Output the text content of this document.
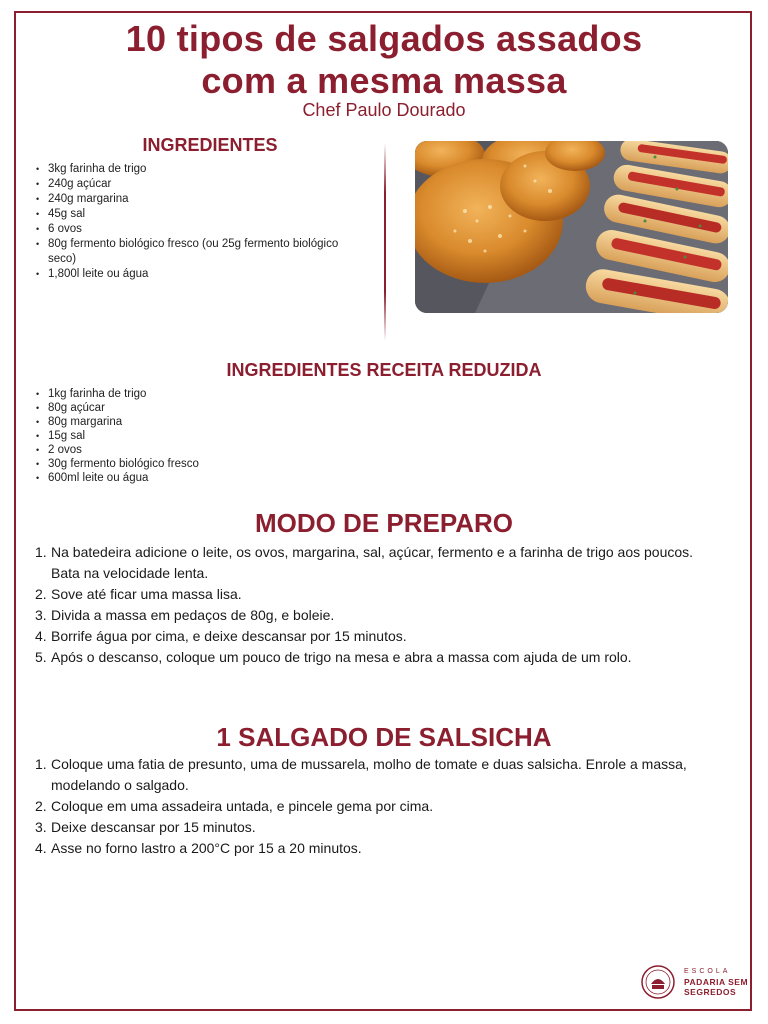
10 tipos de salgados assados
com a mesma massa
Chef Paulo Dourado
INGREDIENTES
• 3kg farinha de trigo
• 240g açúcar
• 240g margarina
• 45g sal
• 6 ovos
• 80g fermento biológico fresco (ou 25g fermento biológico seco)
• 1,800l leite ou água
INGREDIENTES RECEITA REDUZIDA
• 1kg farinha de trigo
• 80g açúcar
• 80g margarina
• 15g sal
• 2 ovos
• 30g fermento biológico fresco
• 600ml leite ou água
MODO DE PREPARO
1. Na batedeira adicione o leite, os ovos, margarina, sal, açúcar, fermento e a farinha de trigo aos poucos. Bata na velocidade lenta.
2. Sove até ficar uma massa lisa.
3. Divida a massa em pedaços de 80g, e boleie.
4. Borrife água por cima, e deixe descansar por 15 minutos.
5. Após o descanso, coloque um pouco de trigo na mesa e abra a massa com ajuda de um rolo.
1 SALGADO DE SALSICHA
1. Coloque uma fatia de presunto, uma de mussarela, molho de tomate e duas salsicha. Enrole a massa, modelando o salgado.
2. Coloque em uma assadeira untada, e pincele gema por cima.
3. Deixe descansar por 15 minutos.
4. Asse no forno lastro a 200°C por 15 a 20 minutos.
ESCOLA
PADARIA SEM
SEGREDOS
